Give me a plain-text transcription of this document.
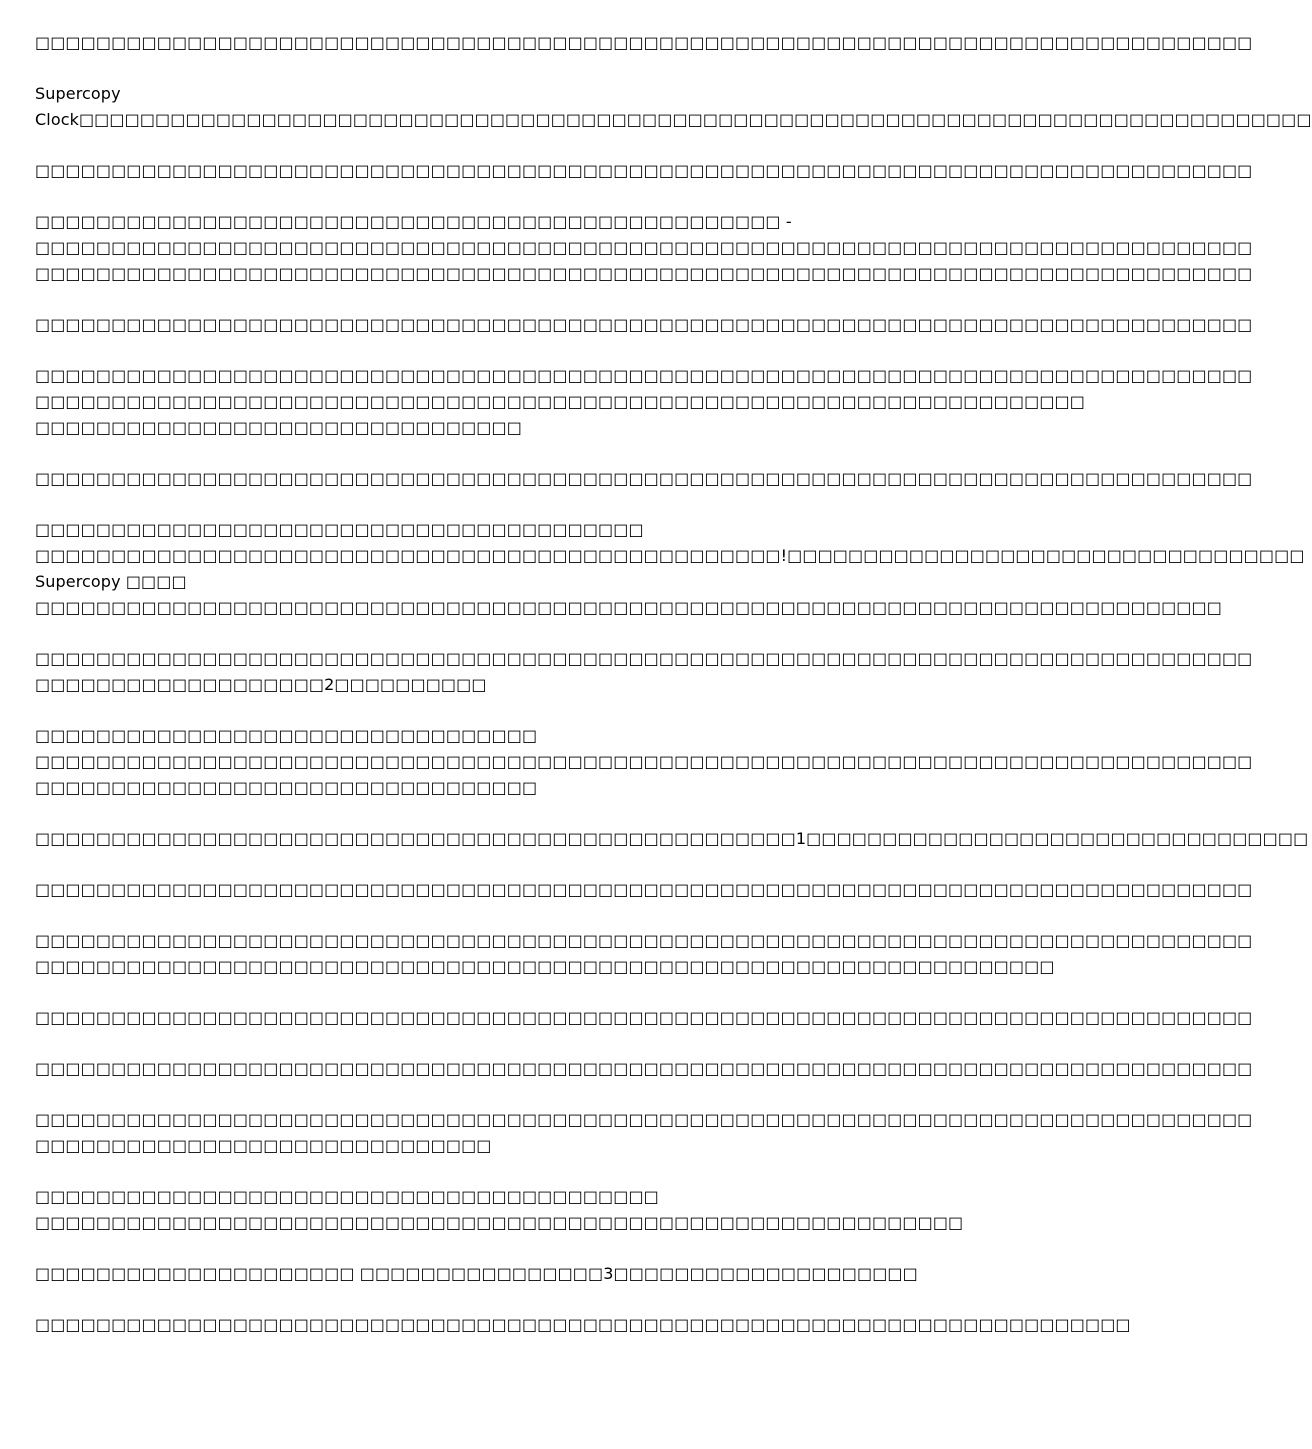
□□□□□□□□□□□□□□□□□□□□□□□□□□□□□□□□□□□□□□□□□□□□□□□□□□□□□□□□□□□□□□□□□□□□□□□□□□□□□□□□
Supercopy
Clock□□□□□□□□□□□□□□□□□□□□□□□□□□□□□□□□□□□□□□□□□□□□□□□□□□□□□□□□□□□□□□□□□□□□□□□□□□□□□□□□□
□□□□□□□□□□□□□□□□□□□□□□□□□□□□□□□□□□□□□□□□□□□□□□□□□□□□□□□□□□□□□□□□□□□□□□□□□□□□□□□□
□□□□□□□□□□□□□□□□□□□□□□□□□□□□□□□□□□□□□□□□□□□□□□□□□ -
□□□□□□□□□□□□□□□□□□□□□□□□□□□□□□□□□□□□□□□□□□□□□□□□□□□□□□□□□□□□□□□□□□□□□□□□□□□□□□□□
□□□□□□□□□□□□□□□□□□□□□□□□□□□□□□□□□□□□□□□□□□□□□□□□□□□□□□□□□□□□□□□□□□□□□□□□□□□□□□□□
□□□□□□□□□□□□□□□□□□□□□□□□□□□□□□□□□□□□□□□□□□□□□□□□□□□□□□□□□□□□□□□□□□□□□□□□□□□□□□□□
□□□□□□□□□□□□□□□□□□□□□□□□□□□□□□□□□□□□□□□□□□□□□□□□□□□□□□□□□□□□□□□□□□□□□□□□□□□□□□□□
□□□□□□□□□□□□□□□□□□□□□□□□□□□□□□□□□□□□□□□□□□□□□□□□□□□□□□□□□□□□□□□□□□□□□
□□□□□□□□□□□□□□□□□□□□□□□□□□□□□□□□
□□□□□□□□□□□□□□□□□□□□□□□□□□□□□□□□□□□□□□□□□□□□□□□□□□□□□□□□□□□□□□□□□□□□□□□□□□□□□□□□
□□□□□□□□□□□□□□□□□□□□□□□□□□□□□□□□□□□□□□□□
□□□□□□□□□□□□□□□□□□□□□□□□□□□□□□□□□□□□□□□□□□□□□□□□□!□□□□□□□□□□□□□□□□□□□□□□□□□□□□□□□□□□
Supercopy □□□□
□□□□□□□□□□□□□□□□□□□□□□□□□□□□□□□□□□□□□□□□□□□□□□□□□□□□□□□□□□□□□□□□□□□□□□□□□□□□□□
□□□□□□□□□□□□□□□□□□□□□□□□□□□□□□□□□□□□□□□□□□□□□□□□□□□□□□□□□□□□□□□□□□□□□□□□□□□□□□□□
□□□□□□□□□□□□□□□□□□□2□□□□□□□□□□
□□□□□□□□□□□□□□□□□□□□□□□□□□□□□□□□□
□□□□□□□□□□□□□□□□□□□□□□□□□□□□□□□□□□□□□□□□□□□□□□□□□□□□□□□□□□□□□□□□□□□□□□□□□□□□□□□□
□□□□□□□□□□□□□□□□□□□□□□□□□□□□□□□□□
□□□□□□□□□□□□□□□□□□□□□□□□□□□□□□□□□□□□□□□□□□□□□□□□□□1□□□□□□□□□□□□□□□□□□□□□□□□□□□□□□□□□
□□□□□□□□□□□□□□□□□□□□□□□□□□□□□□□□□□□□□□□□□□□□□□□□□□□□□□□□□□□□□□□□□□□□□□□□□□□□□□□□
□□□□□□□□□□□□□□□□□□□□□□□□□□□□□□□□□□□□□□□□□□□□□□□□□□□□□□□□□□□□□□□□□□□□□□□□□□□□□□□□
□□□□□□□□□□□□□□□□□□□□□□□□□□□□□□□□□□□□□□□□□□□□□□□□□□□□□□□□□□□□□□□□□□□
□□□□□□□□□□□□□□□□□□□□□□□□□□□□□□□□□□□□□□□□□□□□□□□□□□□□□□□□□□□□□□□□□□□□□□□□□□□□□□□□
□□□□□□□□□□□□□□□□□□□□□□□□□□□□□□□□□□□□□□□□□□□□□□□□□□□□□□□□□□□□□□□□□□□□□□□□□□□□□□□□
□□□□□□□□□□□□□□□□□□□□□□□□□□□□□□□□□□□□□□□□□□□□□□□□□□□□□□□□□□□□□□□□□□□□□□□□□□□□□□□□
□□□□□□□□□□□□□□□□□□□□□□□□□□□□□□
□□□□□□□□□□□□□□□□□□□□□□□□□□□□□□□□□□□□□□□□□
□□□□□□□□□□□□□□□□□□□□□□□□□□□□□□□□□□□□□□□□□□□□□□□□□□□□□□□□□□□□□
□□□□□□□□□□□□□□□□□□□□□ □□□□□□□□□□□□□□□□3□□□□□□□□□□□□□□□□□□□□
□□□□□□□□□□□□□□□□□□□□□□□□□□□□□□□□□□□□□□□□□□□□□□□□□□□□□□□□□□□□□□□□□□□□□□□□
